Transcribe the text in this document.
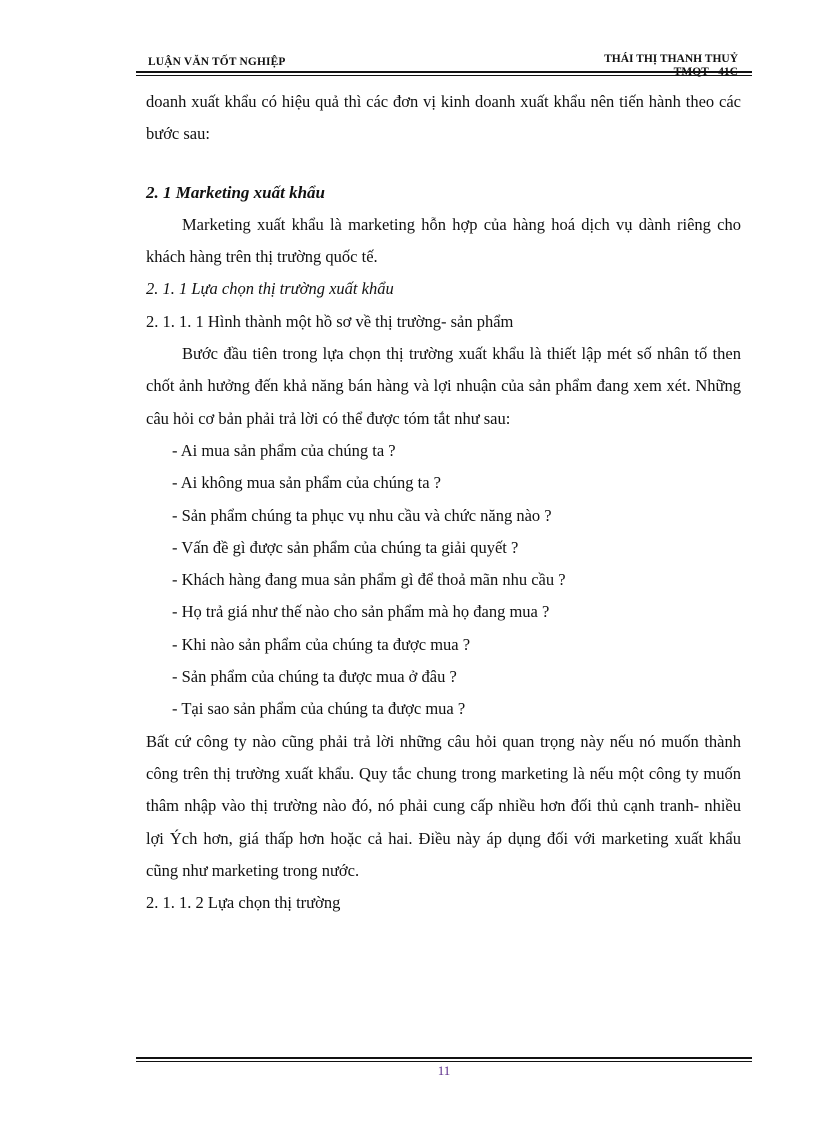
LUẬN VĂN TỐT NGHIỆP	THÁI THỊ THANH THUỶ

doanh xuất khẩu có hiệu quả thì các đơn vị kinh doanh xuất khẩu nên tiến hành theo các bước sau:

2. 1 Marketing xuất khẩu

Marketing xuất khẩu là marketing hỗn hợp của hàng hoá dịch vụ dành riêng cho khách hàng trên thị trường quốc tế.

2. 1. 1 Lựa chọn thị trường xuất khẩu

2. 1. 1. 1 Hình thành một hồ sơ về thị trường- sản phẩm

Bước đầu tiên trong lựa chọn thị trường xuất khẩu là thiết lập mét số nhân tố then chốt ảnh hưởng đến khả năng bán hàng và lợi nhuận của sản phẩm đang xem xét. Những câu hỏi cơ bản phải trả lời có thể được tóm tắt như sau:

- Ai mua sản phẩm của chúng ta ?

- Ai không mua sản phẩm của chúng ta ?

- Sản phẩm chúng ta phục vụ nhu cầu và chức năng nào ?

- Vấn đề gì được sản phẩm của chúng ta giải quyết ?

- Khách hàng đang mua sản phẩm gì để thoả mãn nhu cầu ?

- Họ trả giá như thế nào cho sản phẩm mà họ đang mua ?

- Khi nào sản phẩm của chúng ta được mua ?

- Sản phẩm của chúng ta được mua ở đâu ?

- Tại sao sản phẩm của chúng ta được mua ?

Bất cứ công ty nào cũng phải trả lời những câu hỏi quan trọng này nếu nó muốn thành công trên thị trường xuất khẩu. Quy tắc chung trong marketing là nếu một công ty muốn thâm nhập vào thị trường nào đó, nó phải cung cấp nhiều hơn đối thủ cạnh tranh- nhiều lợi Ých hơn, giá thấp hơn hoặc cả hai. Điều này áp dụng đối với marketing xuất khẩu cũng như marketing trong nước.

2. 1. 1. 2 Lựa chọn thị trường

11
